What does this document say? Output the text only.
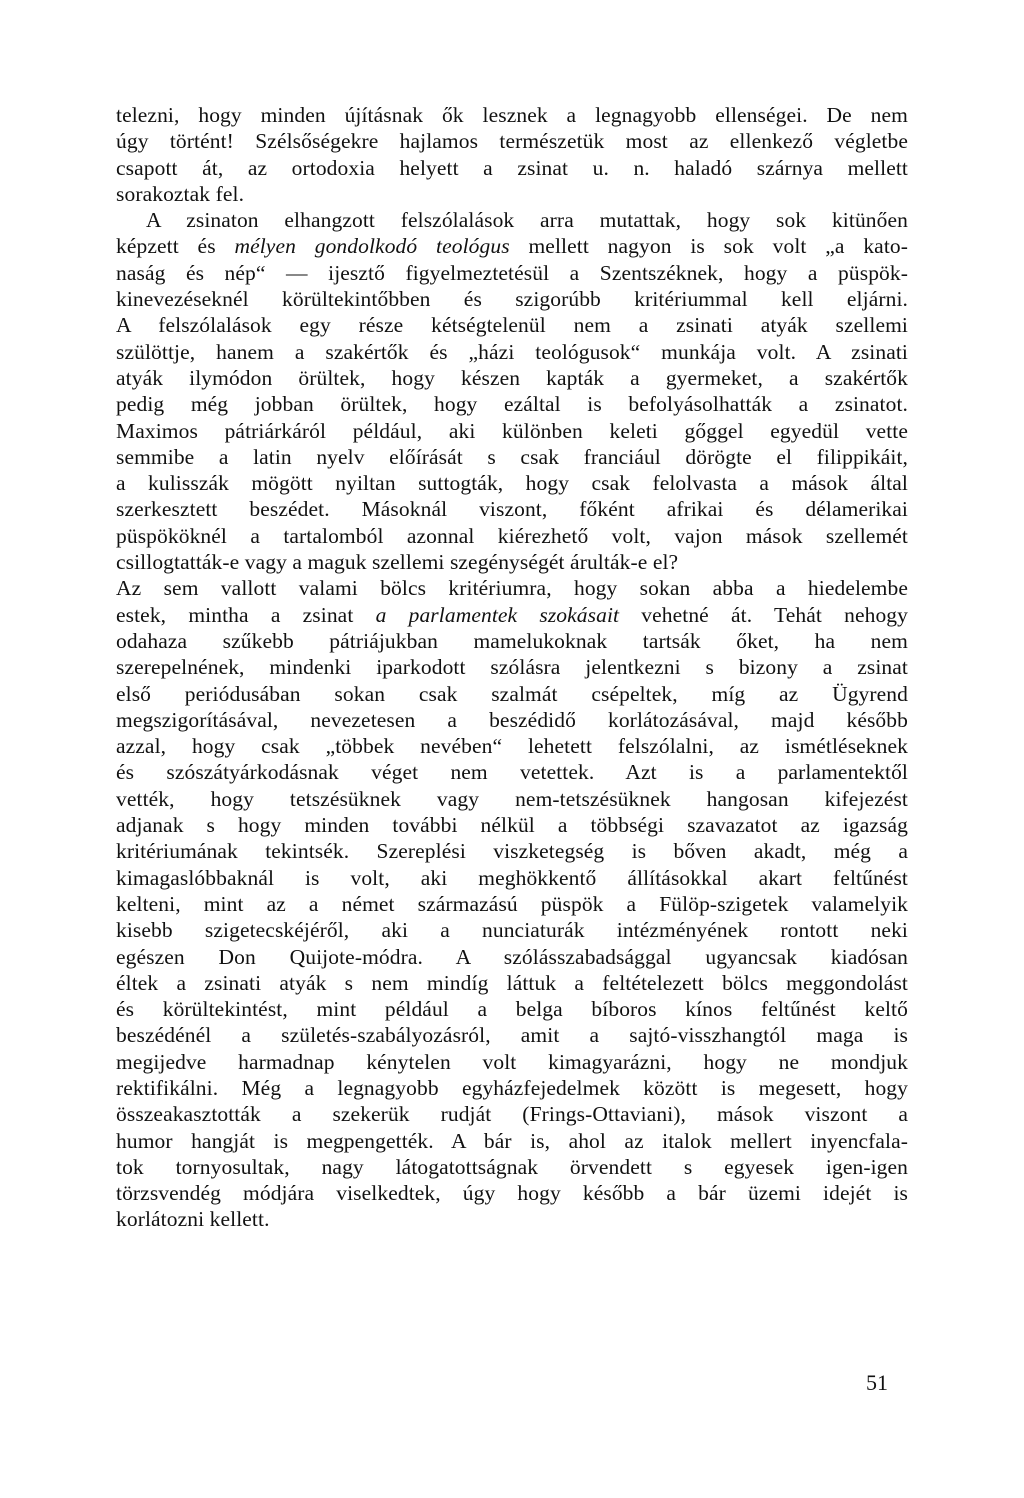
telezni, hogy minden újításnak ők lesznek a legnagyobb ellenségei. De nem
úgy történt! Szélsőségekre hajlamos természetük most az ellenkező végletbe
csapott át, az ortodoxia helyett a zsinat u. n. haladó szárnya mellett
sorakoztak fel.
A zsinaton elhangzott felszólalások arra mutattak, hogy sok kitünően
képzett és mélyen gondolkodó teológus mellett nagyon is sok volt „a kato-
naság és nép“ — ijesztő figyelmeztetésül a Szentszéknek, hogy a püspök-
kinevezéseknél körültekintőbben és szigorúbb kritériummal kell eljárni.
A felszólalások egy része kétségtelenül nem a zsinati atyák szellemi
szülöttje, hanem a szakértők és „házi teológusok“ munkája volt. A zsinati
atyák ilymódon örültek, hogy készen kapták a gyermeket, a szakértők
pedig még jobban örültek, hogy ezáltal is befolyásolhatták a zsinatot.
Maximos pátriárkáról például, aki különben keleti gőggel egyedül vette
semmibe a latin nyelv előírását s csak franciául dörögte el filippikáit,
a kulisszák mögött nyiltan suttogták, hogy csak felolvasta a mások által
szerkesztett beszédet. Másoknál viszont, főként afrikai és délamerikai
püspököknél a tartalomból azonnal kiérezhető volt, vajon mások szellemét
csillogtatták-e vagy a maguk szellemi szegénységét árulták-e el?
Az sem vallott valami bölcs kritériumra, hogy sokan abba a hiedelembe
estek, mintha a zsinat a parlamentek szokásait vehetné át. Tehát nehogy
odahaza szűkebb pátriájukban mamelukoknak tartsák őket, ha nem
szerepelnének, mindenki iparkodott szólásra jelentkezni s bizony a zsinat
első periódusában sokan csak szalmát csépeltek, míg az Ügyrend
megszigorításával, nevezetesen a beszédidő korlátozásával, majd később
azzal, hogy csak „többek nevében“ lehetett felszólalni, az ismétléseknek
és szószátyárkodásnak véget nem vetettek. Azt is a parlamentektől
vették, hogy tetszésüknek vagy nem-tetszésüknek hangosan kifejezést
adjanak s hogy minden további nélkül a többségi szavazatot az igazság
kritériumának tekintsék. Szereplési viszketegség is bőven akadt, még a
kimagaslóbbaknál is volt, aki meghökkentő állításokkal akart feltűnést
kelteni, mint az a német származású püspök a Fülöp-szigetek valamelyik
kisebb szigetecskéjéről, aki a nunciaturák intézményének rontott neki
egészen Don Quijote-módra. A szólásszabadsággal ugyancsak kiadósan
éltek a zsinati atyák s nem mindíg láttuk a feltételezett bölcs meggondolást
és körültekintést, mint például a belga bíboros kínos feltűnést keltő
beszédénél a születés-szabályozásról, amit a sajtó-visszhangtól maga is
megijedve harmadnap kénytelen volt kimagyarázni, hogy ne mondjuk
rektifikálni. Még a legnagyobb egyházfejedelmek között is megesett, hogy
összeakasztották a szekerük rudját (Frings-Ottaviani), mások viszont a
humor hangját is megpengették. A bár is, ahol az italok mellert inyencfala-
tok tornyosultak, nagy látogatottságnak örvendett s egyesek igen-igen
törzsvendég módjára viselkedtek, úgy hogy később a bár üzemi idejét is
korlátozni kellett.
51
